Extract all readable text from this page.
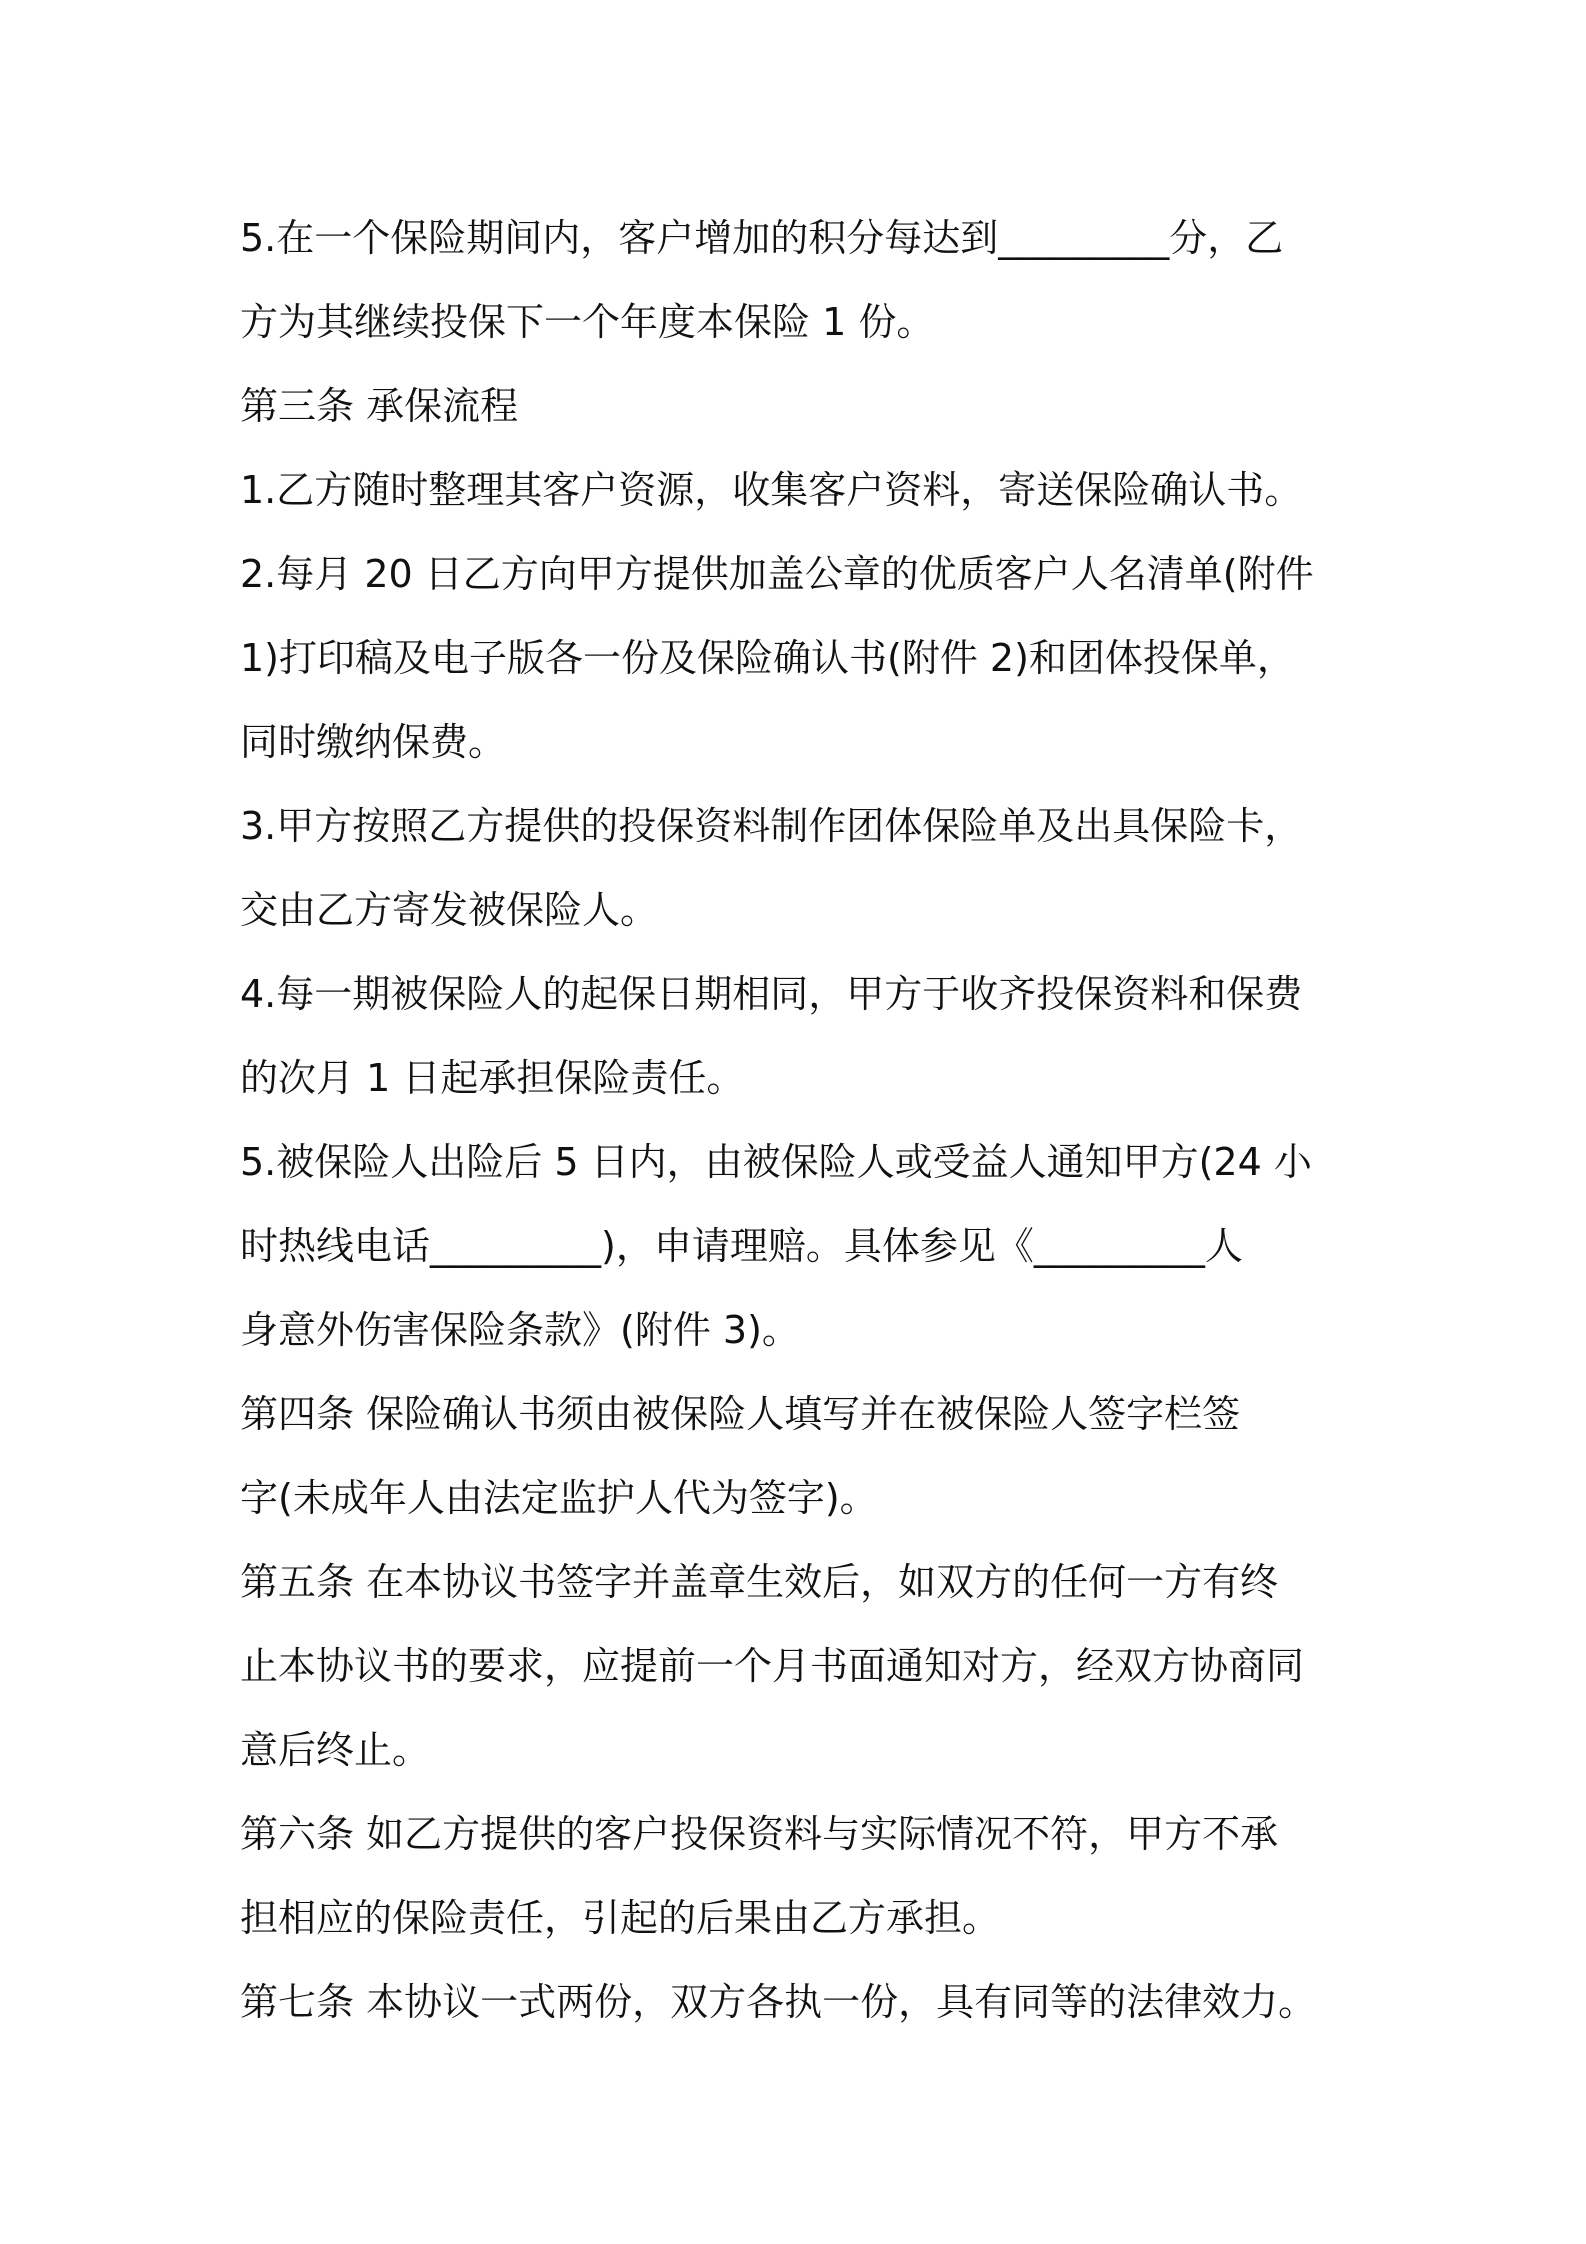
5.在一个保险期间内，客户增加的积分每达到_________分，乙
方为其继续投保下一个年度本保险 1 份。
第三条 承保流程
1.乙方随时整理其客户资源，收集客户资料，寄送保险确认书。
2.每月 20 日乙方向甲方提供加盖公章的优质客户人名清单(附件
1)打印稿及电子版各一份及保险确认书(附件 2)和团体投保单，
同时缴纳保费。
3.甲方按照乙方提供的投保资料制作团体保险单及出具保险卡，
交由乙方寄发被保险人。
4.每一期被保险人的起保日期相同，甲方于收齐投保资料和保费
的次月 1 日起承担保险责任。
5.被保险人出险后 5 日内，由被保险人或受益人通知甲方(24 小
时热线电话_________)，申请理赔。具体参见《_________人
身意外伤害保险条款》(附件 3)。
第四条 保险确认书须由被保险人填写并在被保险人签字栏签
字(未成年人由法定监护人代为签字)。
第五条 在本协议书签字并盖章生效后，如双方的任何一方有终
止本协议书的要求，应提前一个月书面通知对方，经双方协商同
意后终止。
第六条 如乙方提供的客户投保资料与实际情况不符，甲方不承
担相应的保险责任，引起的后果由乙方承担。
第七条 本协议一式两份，双方各执一份，具有同等的法律效力。
